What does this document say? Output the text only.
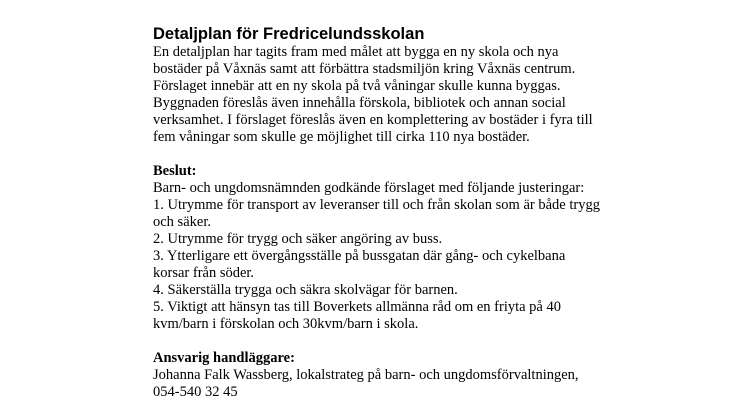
Detaljplan för Fredricelundsskolan
En detaljplan har tagits fram med målet att bygga en ny skola och nya
bostäder på Våxnäs samt att förbättra stadsmiljön kring Våxnäs centrum.
Förslaget innebär att en ny skola på två våningar skulle kunna byggas.
Byggnaden föreslås även innehålla förskola, bibliotek och annan social
verksamhet. I förslaget föreslås även en komplettering av bostäder i fyra till
fem våningar som skulle ge möjlighet till cirka 110 nya bostäder.
Beslut:
Barn- och ungdomsnämnden godkände förslaget med följande justeringar:
1. Utrymme för transport av leveranser till och från skolan som är både trygg
och säker.
2. Utrymme för trygg och säker angöring av buss.
3. Ytterligare ett övergångsställe på bussgatan där gång- och cykelbana
korsar från söder.
4. Säkerställa trygga och säkra skolvägar för barnen.
5. Viktigt att hänsyn tas till Boverkets allmänna råd om en friyta på 40
kvm/barn i förskolan och 30kvm/barn i skola.
Ansvarig handläggare:
Johanna Falk Wassberg, lokalstrateg på barn- och ungdomsförvaltningen,
054-540 32 45
